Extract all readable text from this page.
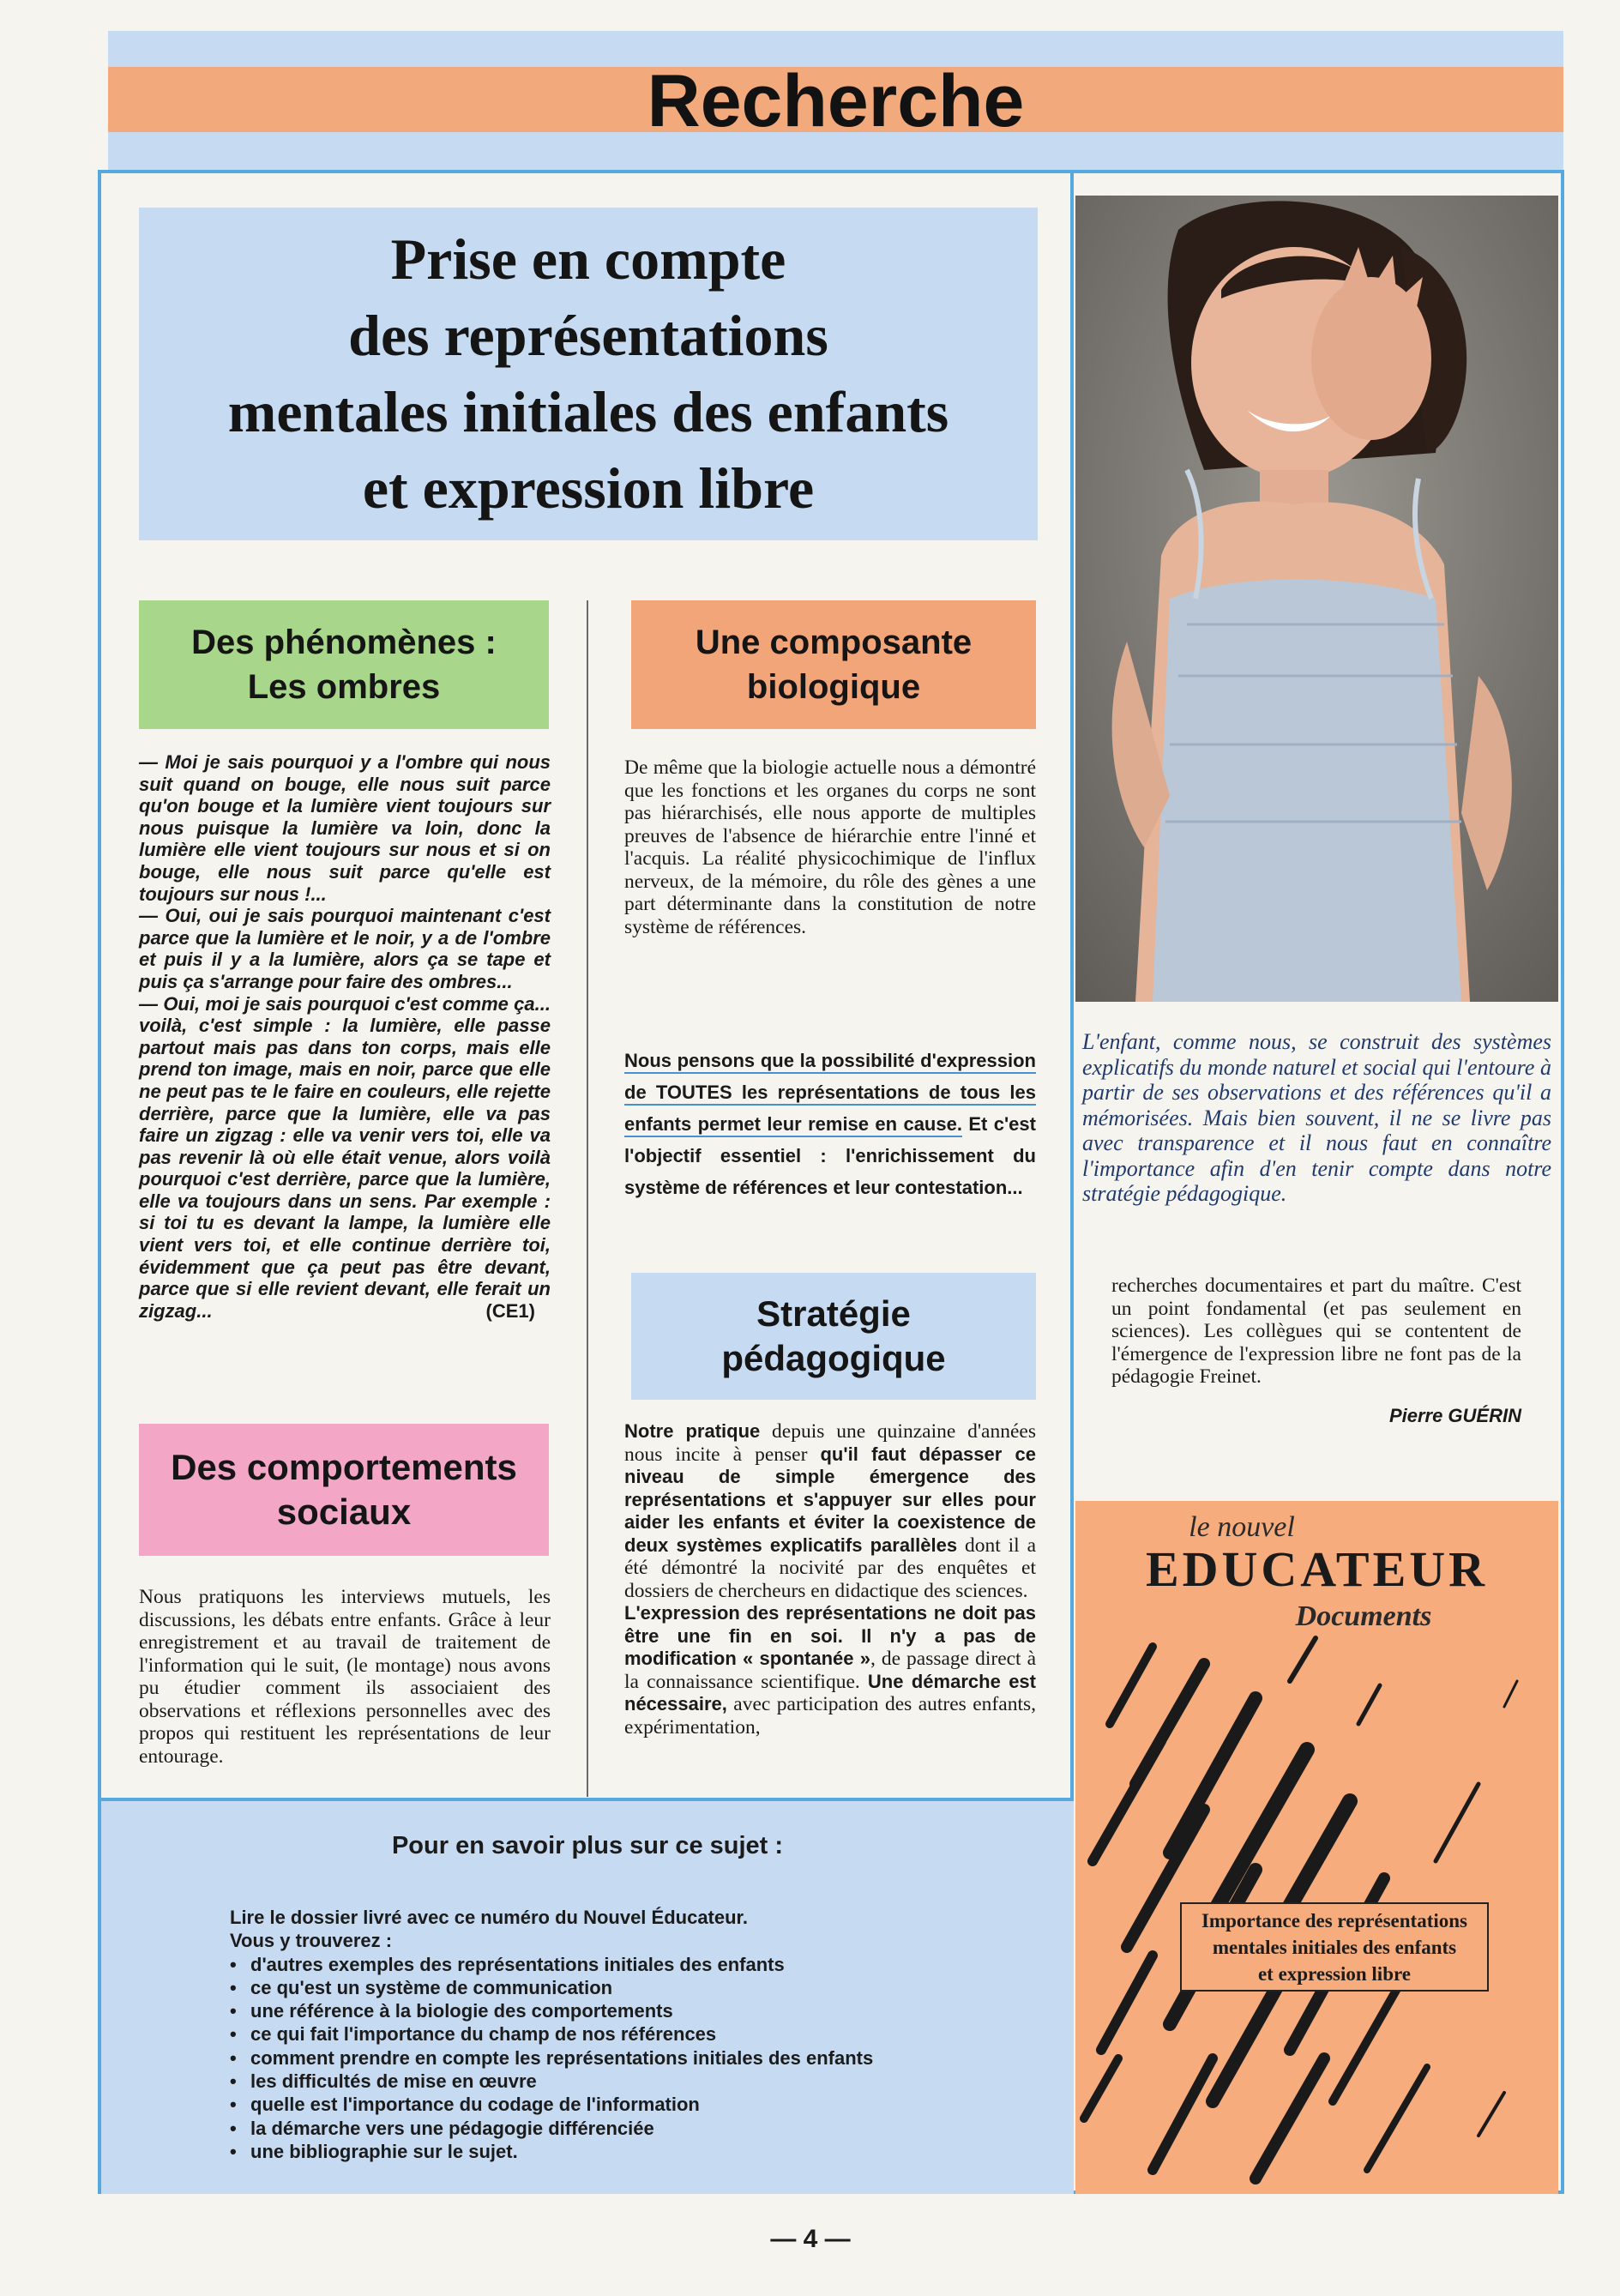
Recherche
Prise en compte
des représentations
mentales initiales des enfants
et expression libre
Des phénomènes :
Les ombres
Une composante
biologique
Stratégie
pédagogique
Des comportements
sociaux
— Moi je sais pourquoi y a l'ombre qui nous suit quand on bouge, elle nous suit parce qu'on bouge et la lumière vient toujours sur nous puisque la lumière va loin, donc la lumière elle vient toujours sur nous et si on bouge, elle nous suit parce qu'elle est toujours sur nous !...
— Oui, oui je sais pourquoi maintenant c'est parce que la lumière et le noir, y a de l'ombre et puis il y a la lumière, alors ça se tape et puis ça s'arrange pour faire des ombres...
— Oui, moi je sais pourquoi c'est comme ça... voilà, c'est simple : la lumière, elle passe partout mais pas dans ton corps, mais elle prend ton image, mais en noir, parce que elle ne peut pas te le faire en couleurs, elle rejette derrière, parce que la lumière, elle va pas faire un zigzag : elle va venir vers toi, elle va pas revenir là où elle était venue, alors voilà pourquoi c'est derrière, parce que la lumière, elle va toujours dans un sens. Par exemple : si toi tu es devant la lampe, la lumière elle vient vers toi, et elle continue derrière toi, évidemment que ça peut pas être devant, parce que si elle revient devant, elle ferait un zigzag...	(CE1)
Nous pratiquons les interviews mutuels, les discussions, les débats entre enfants. Grâce à leur enregistrement et au travail de traitement de l'information qui le suit, (le montage) nous avons pu étudier comment ils associaient des observations et réflexions personnelles avec des propos qui restituent les représentations de leur entourage.
De même que la biologie actuelle nous a démontré que les fonctions et les organes du corps ne sont pas hiérarchisés, elle nous apporte de multiples preuves de l'absence de hiérarchie entre l'inné et l'acquis. La réalité physicochimique de l'influx nerveux, de la mémoire, du rôle des gènes a une part déterminante dans la constitution de notre système de références.
Nous pensons que la possibilité d'expression de TOUTES les représentations de tous les enfants permet leur remise en cause. Et c'est l'objectif essentiel : l'enrichissement du système de références et leur contestation...
Notre pratique depuis une quinzaine d'années nous incite à penser qu'il faut dépasser ce niveau de simple émergence des représentations et s'appuyer sur elles pour aider les enfants et éviter la coexistence de deux systèmes explicatifs parallèles dont il a été démontré la nocivité par des enquêtes et dossiers de chercheurs en didactique des sciences.
L'expression des représentations ne doit pas être une fin en soi. Il n'y a pas de modification « spontanée », de passage direct à la connaissance scientifique. Une démarche est nécessaire, avec participation des autres enfants, expérimentation,
L'enfant, comme nous, se construit des systèmes explicatifs du monde naturel et social qui l'entoure à partir de ses observations et des références qu'il a mémorisées. Mais bien souvent, il ne se livre pas avec transparence et il nous faut en connaître l'importance afin d'en tenir compte dans notre stratégie pédagogique.
recherches documentaires et part du maître. C'est un point fondamental (et pas seulement en sciences). Les collègues qui se contentent de l'émergence de l'expression libre ne font pas de la pédagogie Freinet.
Pierre GUÉRIN
Pour en savoir plus sur ce sujet :
Lire le dossier livré avec ce numéro du Nouvel Éducateur.
Vous y trouverez :
• d'autres exemples des représentations initiales des enfants
• ce qu'est un système de communication
• une référence à la biologie des comportements
• ce qui fait l'importance du champ de nos références
• comment prendre en compte les représentations initiales des enfants
• les difficultés de mise en œuvre
• quelle est l'importance du codage de l'information
• la démarche vers une pédagogie différenciée
• une bibliographie sur le sujet.
le nouvel
EDUCATEUR
Documents
Importance des représentations
mentales initiales des enfants
et expression libre
— 4 —
